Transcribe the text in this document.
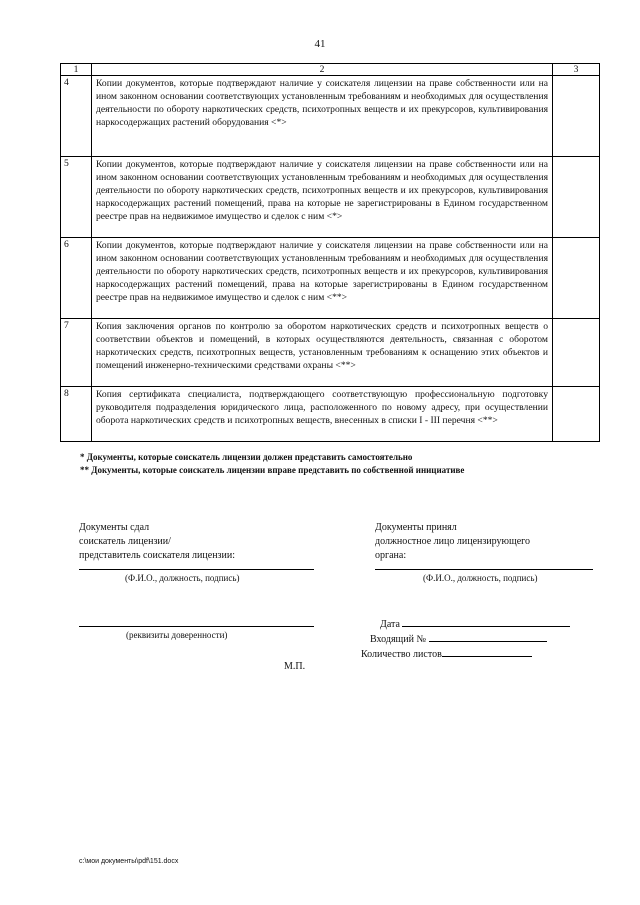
41
1	2	3
4	Копии документов, которые подтверждают наличие у соискателя лицензии на праве собственности или на ином законном основании соответствующих установленным требованиям и необходимых для осуществления деятельности по обороту наркотических средств, психотропных веществ и их прекурсоров, культивирования наркосодержащих растений оборудования <*>	
5	Копии документов, которые подтверждают наличие у соискателя лицензии на праве собственности или на ином законном основании соответствующих установленным требованиям и необходимых для осуществления деятельности по обороту наркотических средств, психотропных веществ и их прекурсоров, культивирования наркосодержащих растений помещений, права на которые не зарегистрированы в Едином государственном реестре прав на недвижимое имущество и сделок с ним <*>	
6	Копии документов, которые подтверждают наличие у соискателя лицензии на праве собственности или на ином законном основании соответствующих установленным требованиям и необходимых для осуществления деятельности по обороту наркотических средств, психотропных веществ и их прекурсоров, культивирования наркосодержащих растений помещений, права на которые зарегистрированы в Едином государственном реестре прав на недвижимое имущество и сделок с ним <**>	
7	Копия заключения органов по контролю за оборотом наркотических средств и психотропных веществ о соответствии объектов и помещений, в которых осуществляются деятельность, связанная с оборотом наркотических средств, психотропных веществ, установленным требованиям к оснащению этих объектов и помещений инженерно-техническими средствами охраны <**>	
8	Копия сертификата специалиста, подтверждающего соответствующую профессиональную подготовку руководителя подразделения юридического лица, расположенного по новому адресу, при осуществлении оборота наркотических средств и психотропных веществ, внесенных в списки I - III перечня <**>	
* Документы, которые соискатель лицензии должен представить самостоятельно
** Документы, которые соискатель лицензии вправе представить по собственной инициативе
Документы сдал
соискатель лицензии/
представитель соискателя лицензии:
(Ф.И.О., должность, подпись)
(реквизиты доверенности)
Документы принял
должностное лицо лицензирующего
органа:
(Ф.И.О., должность, подпись)
Дата
Входящий №
Количество листов
М.П.
c:\мои документы\pdf\151.docx
